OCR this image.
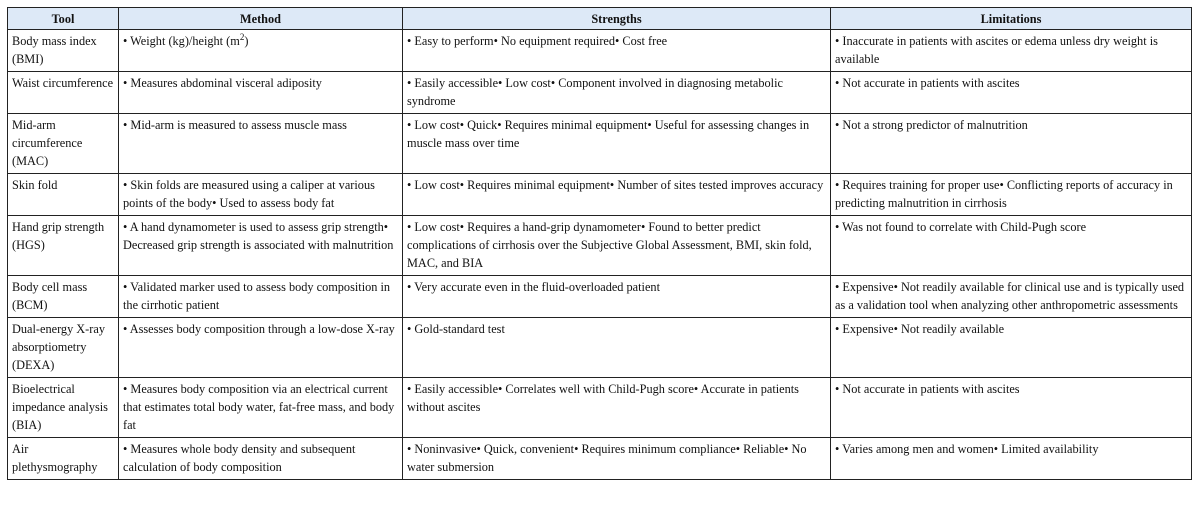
Tool	Method	Strengths	Limitations
Body mass index (BMI)	• Weight (kg)/height $(m^2)$	• Easy to perform• No equipment required• Cost free	• Inaccurate in patients with ascites or edema unless dry weight is available
Waist circumference	• Measures abdominal visceral adiposity	• Easily accessible• Low cost• Component involved in diagnosing metabolic syndrome	• Not accurate in patients with ascites
Mid-arm circumference (MAC)	• Mid-arm is measured to assess muscle mass	• Low cost• Quick• Requires minimal equipment• Useful for assessing changes in muscle mass over time	• Not a strong predictor of malnutrition
Skin fold	• Skin folds are measured using a caliper at various points of the body• Used to assess body fat	• Low cost• Requires minimal equipment• Number of sites tested improves accuracy	• Requires training for proper use• Conflicting reports of accuracy in predicting malnutrition in cirrhosis
Hand grip strength (HGS)	• A hand dynamometer is used to assess grip strength• Decreased grip strength is associated with malnutrition	• Low cost• Requires a hand-grip dynamometer• Found to better predict complications of cirrhosis over the Subjective Global Assessment, BMI, skin fold, MAC, and BIA	• Was not found to correlate with Child-Pugh score
Body cell mass (BCM)	• Validated marker used to assess body composition in the cirrhotic patient	• Very accurate even in the fluid-overloaded patient	• Expensive• Not readily available for clinical use and is typically used as a validation tool when analyzing other anthropometric assessments
Dual-energy X-ray absorptiometry (DEXA)	• Assesses body composition through a low-dose X-ray	• Gold-standard test	• Expensive• Not readily available
Bioelectrical impedance analysis (BIA)	• Measures body composition via an electrical current that estimates total body water, fat-free mass, and body fat	• Easily accessible• Correlates well with Child-Pugh score• Accurate in patients without ascites	• Not accurate in patients with ascites
Air plethysmography	• Measures whole body density and subsequent calculation of body composition	• Noninvasive• Quick, convenient• Requires minimum compliance• Reliable• No water submersion	• Varies among men and women• Limited availability
